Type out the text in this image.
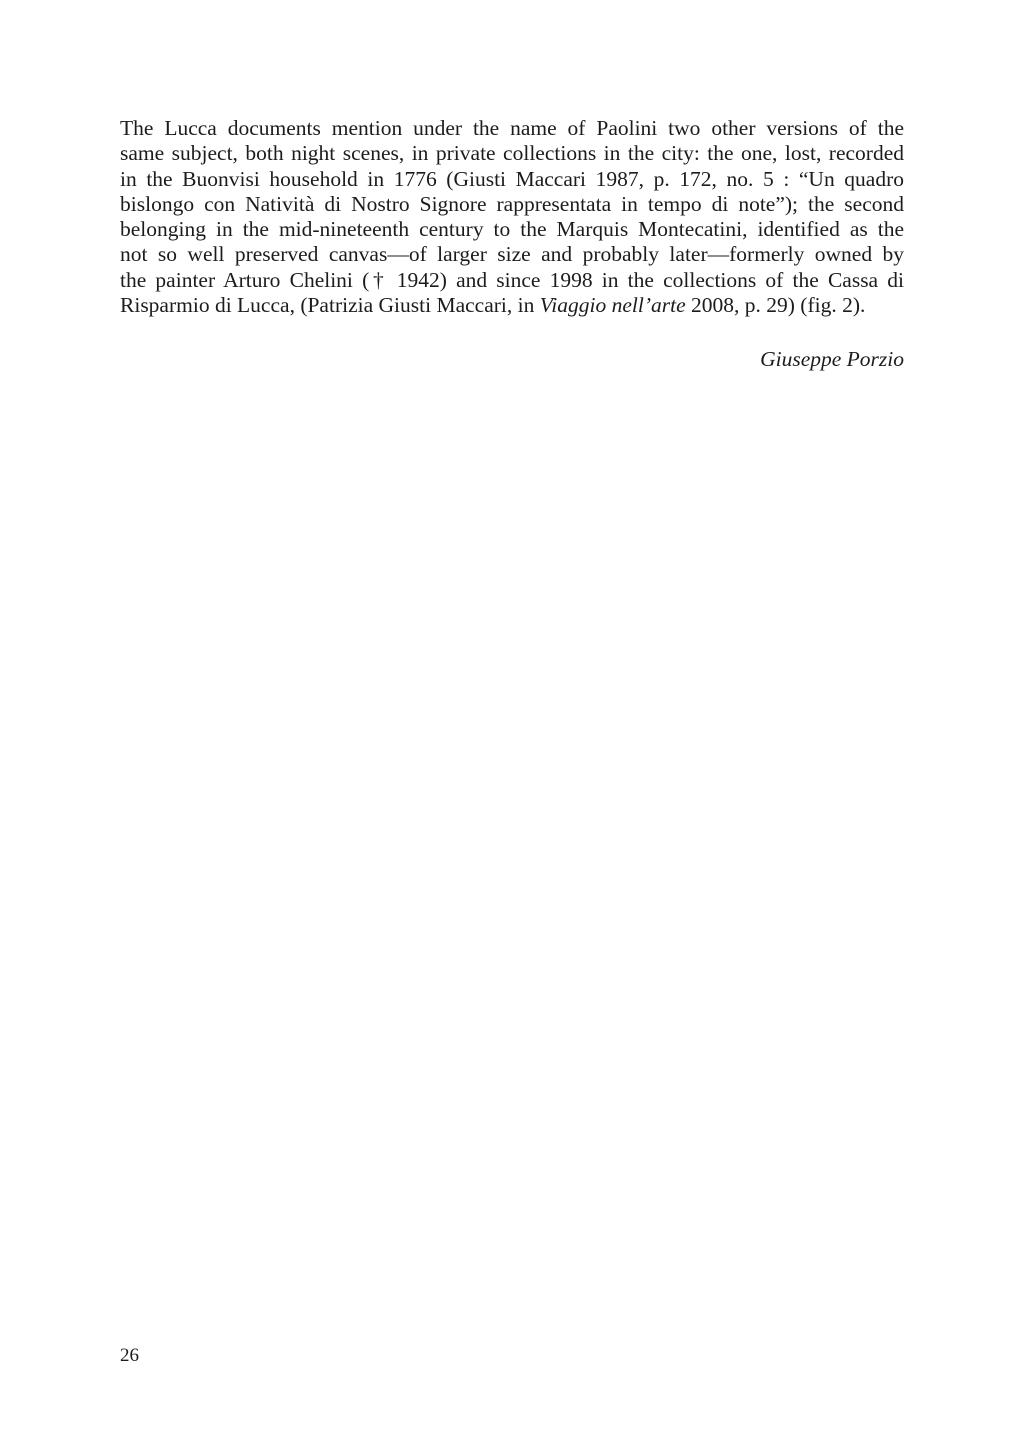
The Lucca documents mention under the name of Paolini two other versions of the
same subject, both night scenes, in private collections in the city: the one, lost, recorded
in the Buonvisi household in 1776 (Giusti Maccari 1987, p. 172, no. 5 : “Un quadro
bislongo con Natività di Nostro Signore rappresentata in tempo di note”); the second
belonging in the mid-nineteenth century to the Marquis Montecatini, identified as the
not so well preserved canvas—of larger size and probably later—formerly owned by
the painter Arturo Chelini († 1942) and since 1998 in the collections of the Cassa di
Risparmio di Lucca, (Patrizia Giusti Maccari, in Viaggio nell’arte 2008, p. 29) (fig. 2).
Giuseppe Porzio
26
